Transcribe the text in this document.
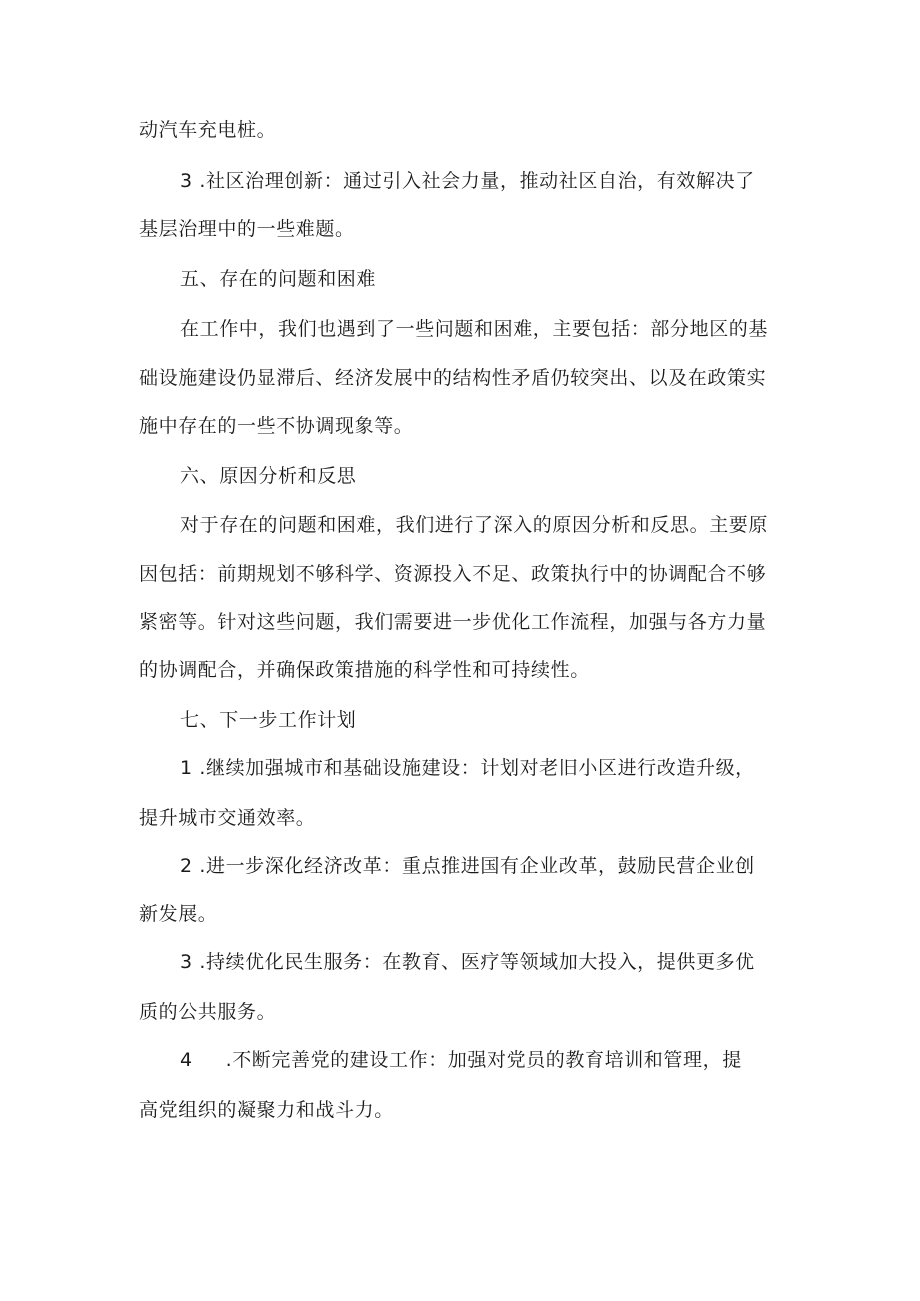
动汽车充电桩。
3 .社区治理创新：通过引入社会力量，推动社区自治，有效解决了
基层治理中的一些难题。
五、存在的问题和困难
在工作中，我们也遇到了一些问题和困难，主要包括：部分地区的基
础设施建设仍显滞后、经济发展中的结构性矛盾仍较突出、以及在政策实
施中存在的一些不协调现象等。
六、原因分析和反思
对于存在的问题和困难，我们进行了深入的原因分析和反思。主要原
因包括：前期规划不够科学、资源投入不足、政策执行中的协调配合不够
紧密等。针对这些问题，我们需要进一步优化工作流程，加强与各方力量
的协调配合，并确保政策措施的科学性和可持续性。
七、下一步工作计划
1 .继续加强城市和基础设施建设：计划对老旧小区进行改造升级，
提升城市交通效率。
2 .进一步深化经济改革：重点推进国有企业改革，鼓励民营企业创
新发展。
3 .持续优化民生服务：在教育、医疗等领域加大投入，提供更多优
质的公共服务。
4 　 .不断完善党的建设工作：加强对党员的教育培训和管理，提
高党组织的凝聚力和战斗力。
